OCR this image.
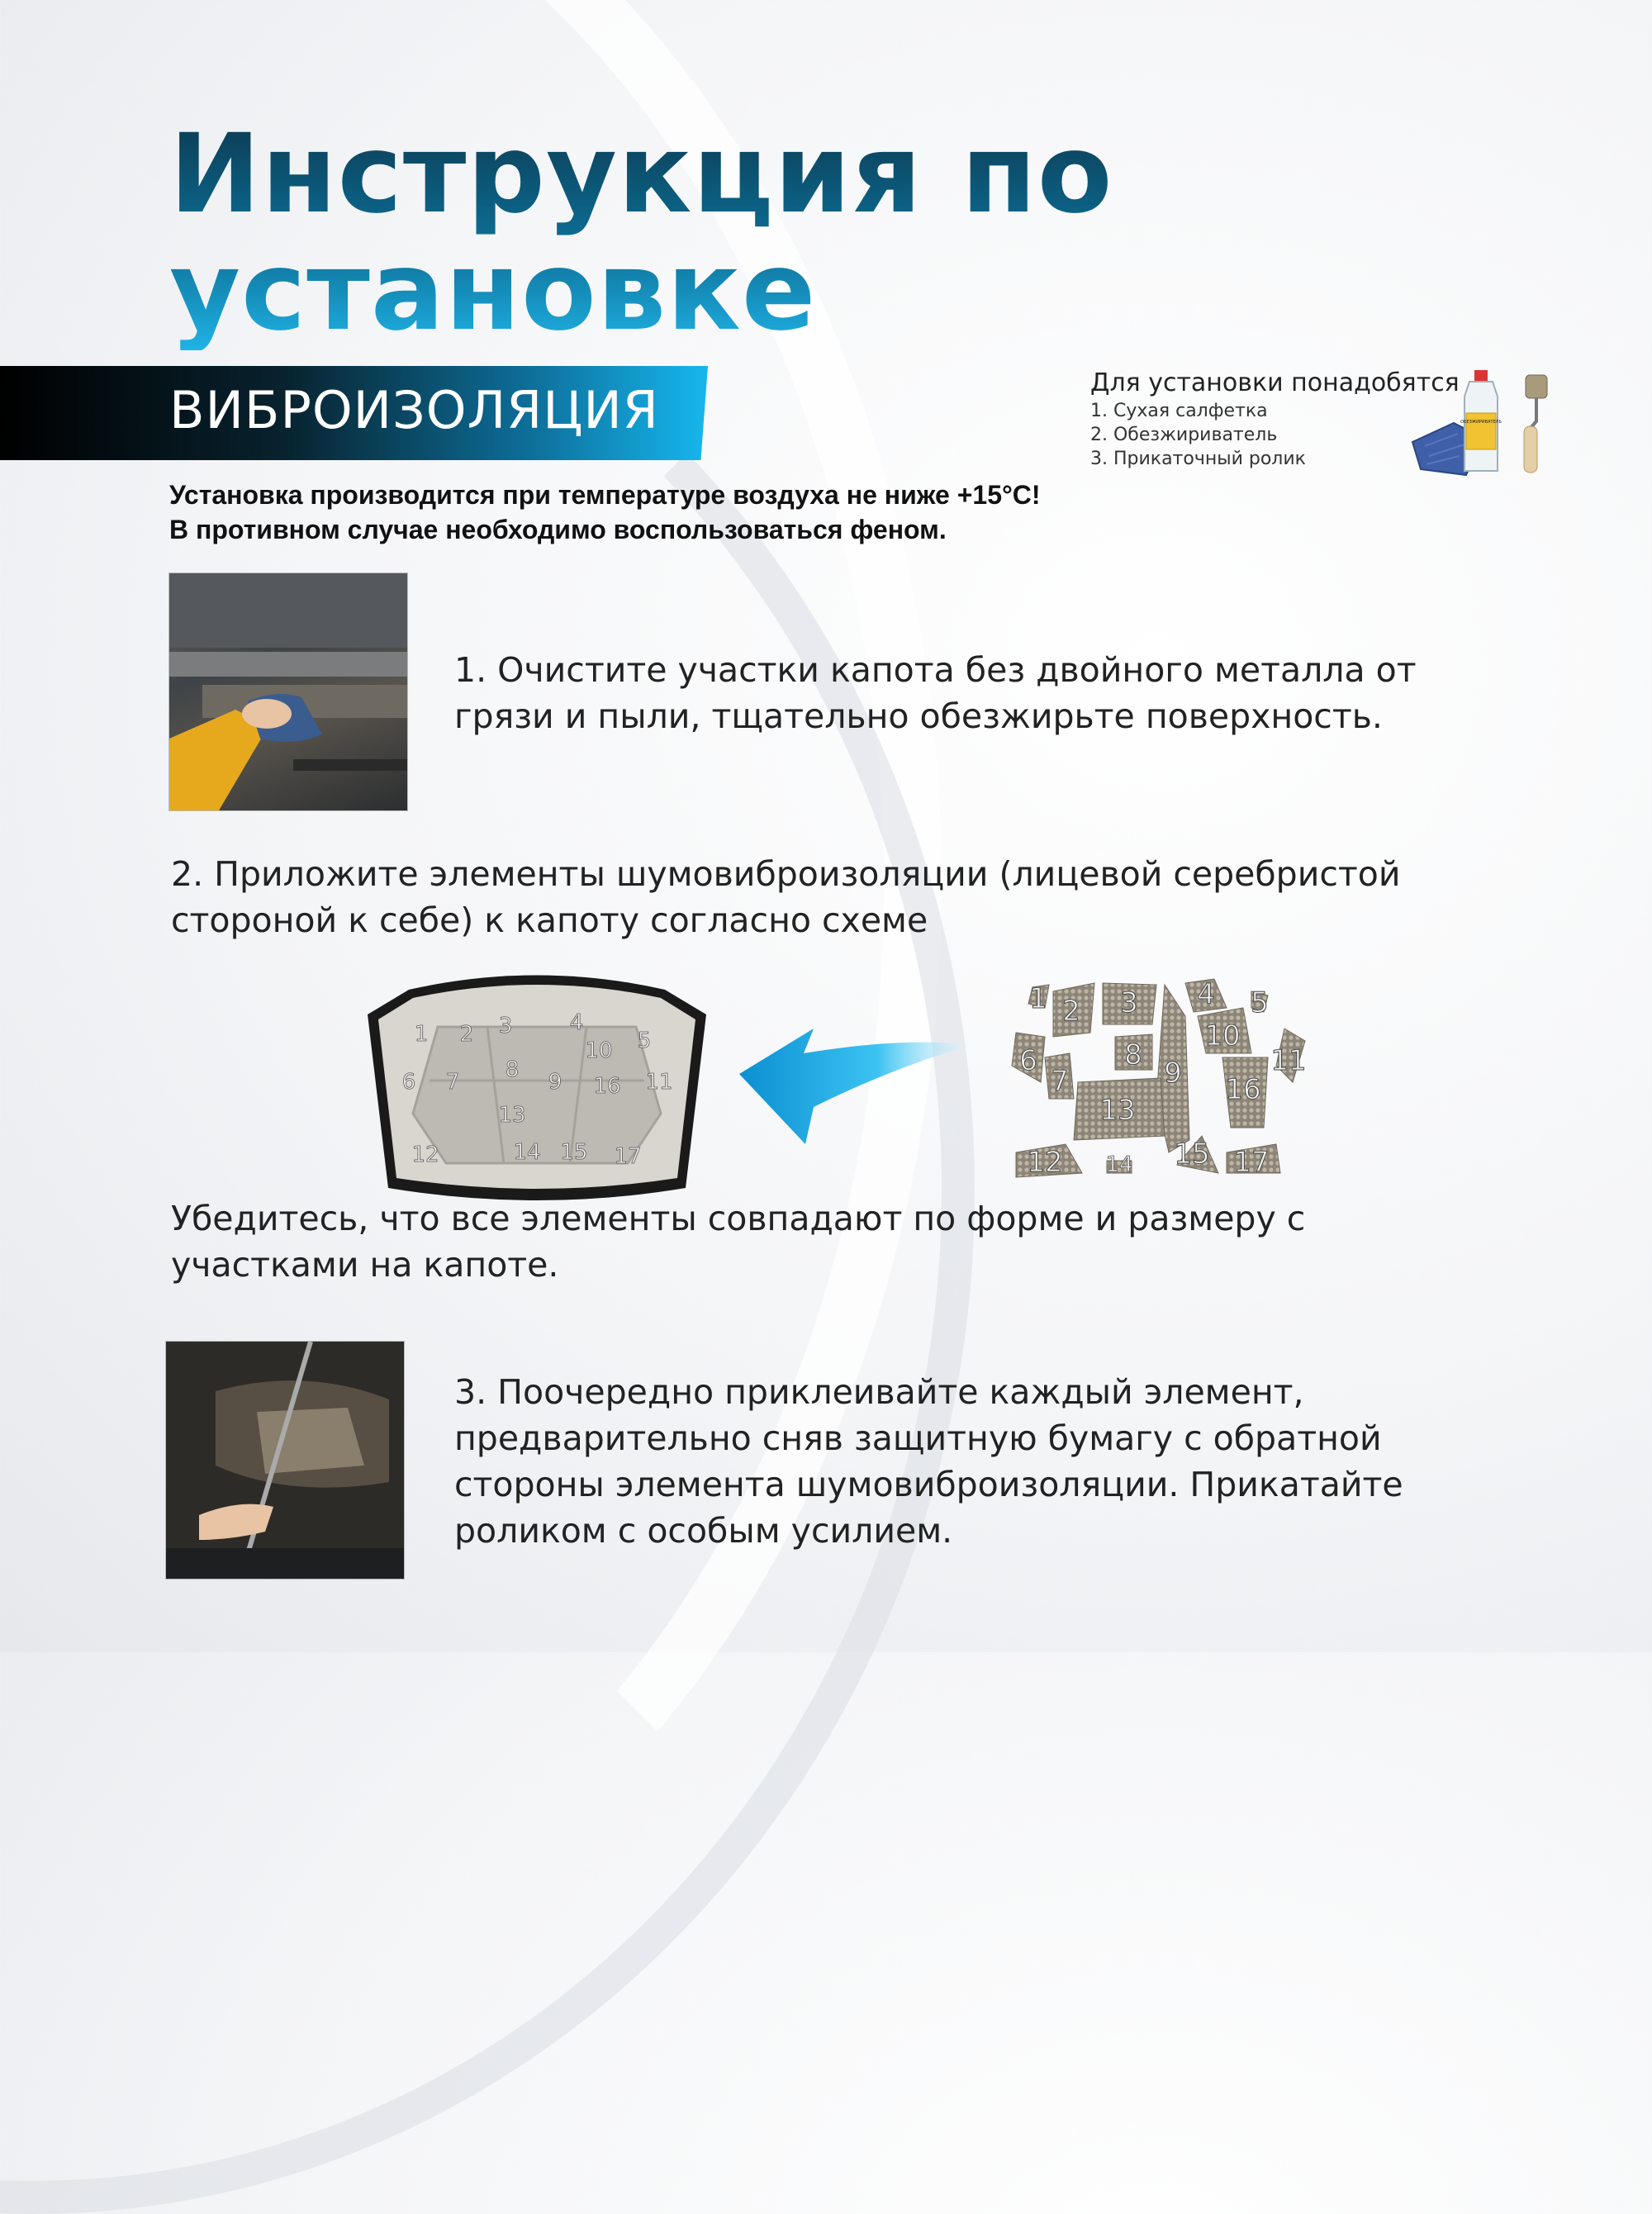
Инструкция по
установке
ВИБРОИЗОЛЯЦИЯ	Для установки понадобятся
1. Сухая салфетка
2. Обезжириватель
3. Прикаточный ролик
ОБЕЗЖИРИВАТЕЛЬ
Установка производится при температуре воздуха не ниже +15°С!
В противном случае необходимо воспользоваться феном.
1. Очистите участки капота без двойного металла от
грязи и пыли, тщательно обезжирьте поверхность.
2. Приложите элементы шумовиброизоляции (лицевой серебристой
стороной к себе) к капоту согласно схеме
1 2 3	4
10 5
6 7 8 9 16 11
13
12	14 15 17
1 2 3 4 5
6
7
8
9
10
11
12
13
14 15
16
17
Убедитесь, что все элементы совпадают по форме и размеру с
участками на капоте.
3. Поочередно приклеивайте каждый элемент,
предварительно сняв защитную бумагу с обратной
стороны элемента шумовиброизоляции. Прикатайте
роликом с особым усилием.
